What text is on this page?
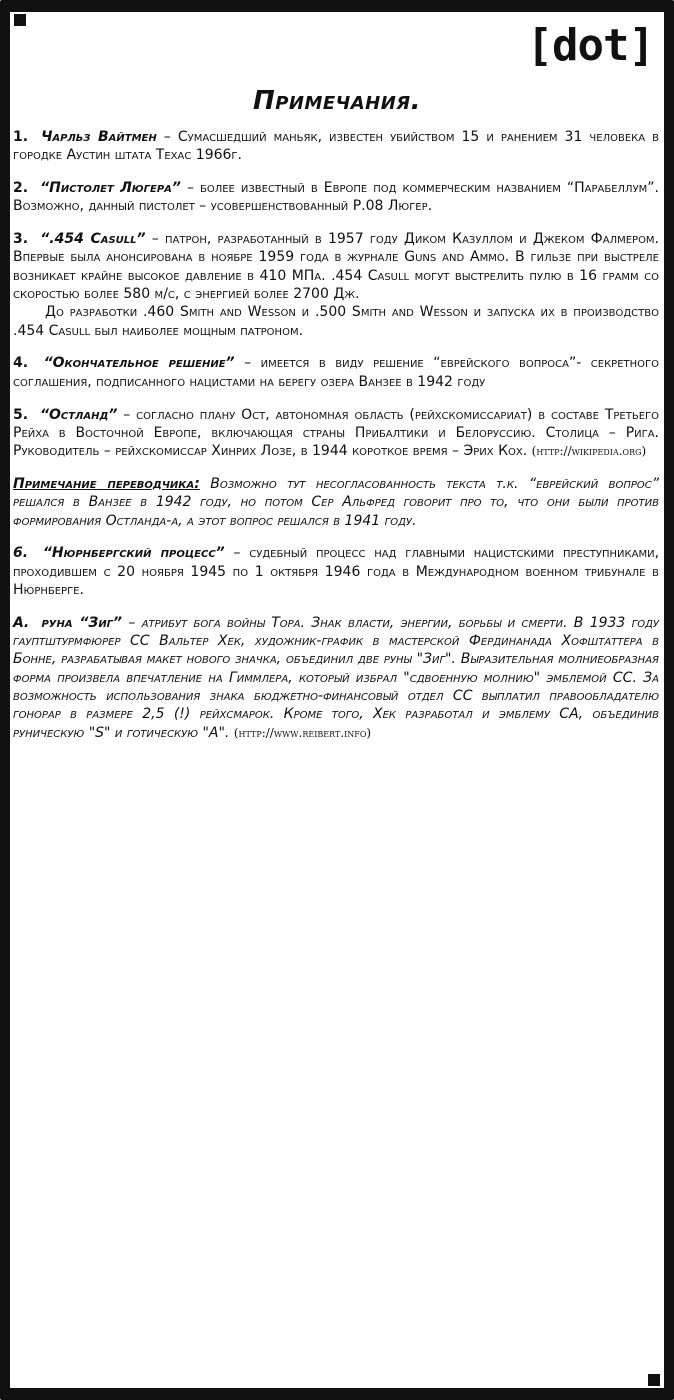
[dot]
Примечания.
1. Чарльз Вайтмен – Сумасшедший маньяк, известен убийством 15 и ранением 31 человека в городке Аустин штата Техас 1966г.
2. “Пистолет Люгера” – более известный в Европе под коммерческим названием “Парабеллум”. Возможно, данный пистолет – усовершенствованный Р.08 Люгер.
3. “.454 Casull” – патрон, разработанный в 1957 году Диком Казуллом и Джеком Фалмером. Впервые была анонсирована в ноябре 1959 года в журнале Guns and Аммо. В гильзе при выстреле возникает крайне высокое давление в 410 МПа. .454 Casull могут выстрелить пулю в 16 грамм со скоростью более 580 м/с, с энергией более 2700 Дж.
До разработки .460 Smith and Wesson и .500 Smith and Wesson и запуска их в производство .454 Casull был наиболее мощным патроном.
4. “Окончательное решение” – имеется в виду решение “еврейского вопроса”- секретного соглашения, подписанного нацистами на берегу озера Ванзее в 1942 году
5. “Остланд” – согласно плану Ост, автономная область (рейхскомиссариат) в составе Третьего Рейха в Восточной Европе, включающая страны Прибалтики и Белоруссию. Столица – Рига. Руководитель – рейхскомиссар Хинрих Лозе, в 1944 короткое время – Эрих Кох. (http://wikipedia.org)
Примечание переводчика: Возможно тут несогласованность текста т.к. “еврейский вопрос” решался в Ванзее в 1942 году, но потом Сер Альфред говорит про то, что они были против формирования Остланда-а, а этот вопрос решался в 1941 году.
6. “Нюрнбергский процесс” – судебный процесс над главными нацистскими преступниками, проходившем с 20 ноября 1945 по 1 октября 1946 года в Международном военном трибунале в Нюрнберге.
А. руна “Зиг” – атрибут бога войны Тора. Знак власти, энергии, борьбы и смерти. В 1933 году гауптштурмфюрер СС Вальтер Хек, художник-график в мастерской Фердинанада Хофштаттера в Бонне, разрабатывая макет нового значка, объединил две руны "Зиг". Выразительная молниеобразная форма произвела впечатление на Гиммлера, который избрал "сдвоенную молнию" эмблемой СС. За возможность использования знака бюджетно-финансовый отдел СС выплатил правообладателю гонорар в размере 2,5 (!) рейхсмарок. Кроме того, Хек разработал и эмблему СА, объединив руническую "S" и готическую "А". (http://www.reibert.info)
